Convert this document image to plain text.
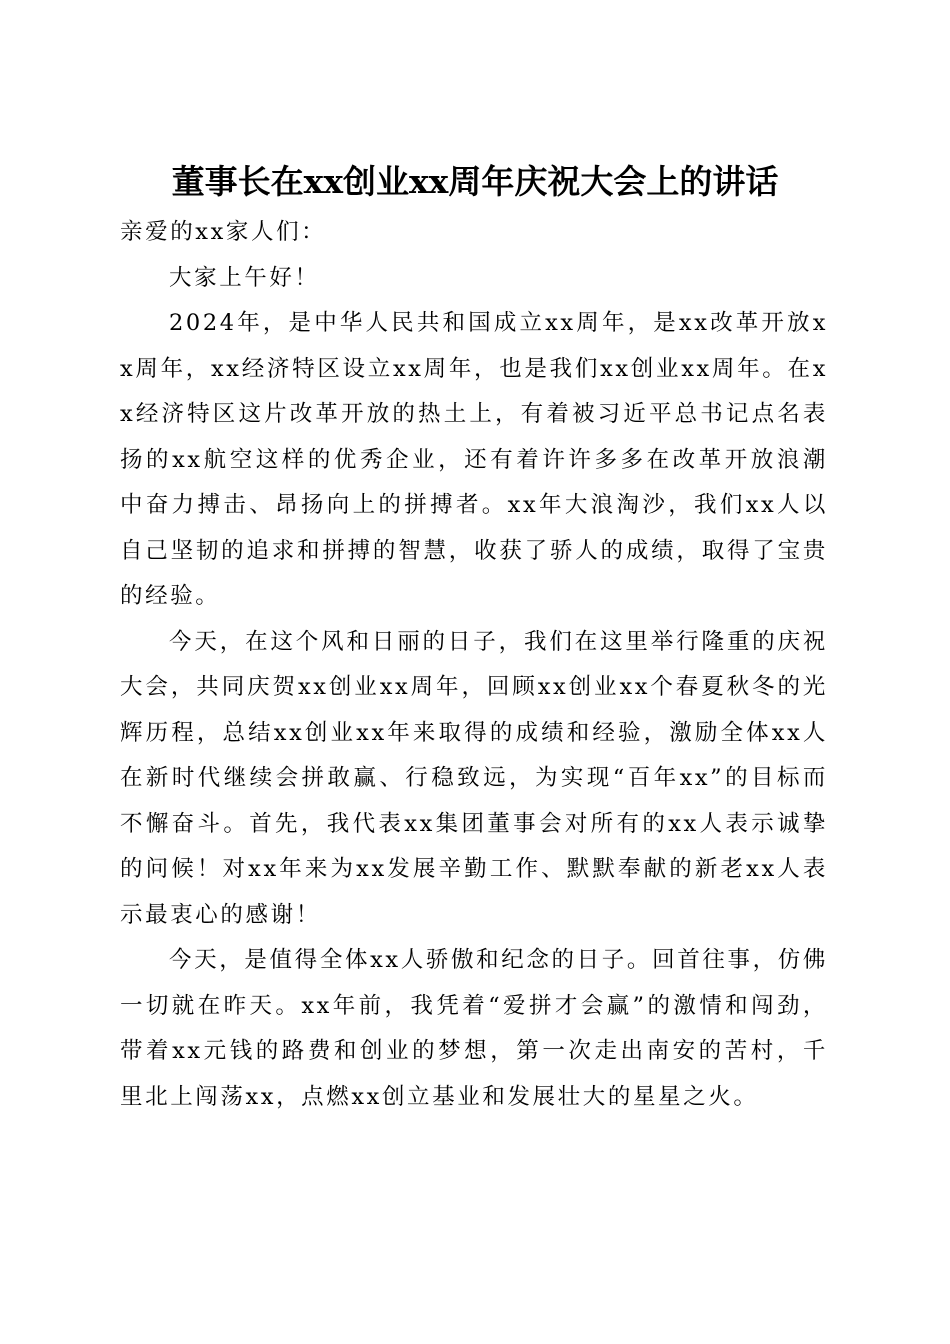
董事长在xx创业xx周年庆祝大会上的讲话

亲爱的xx家人们：

大家上午好！

2024年，是中华人民共和国成立xx周年，是xx改革开放xx周年，xx经济特区设立xx周年，也是我们xx创业xx周年。在xx经济特区这片改革开放的热土上，有着被习近平总书记点名表扬的xx航空这样的优秀企业，还有着许许多多在改革开放浪潮中奋力搏击、昂扬向上的拼搏者。xx年大浪淘沙，我们xx人以自己坚韧的追求和拼搏的智慧，收获了骄人的成绩，取得了宝贵的经验。

今天，在这个风和日丽的日子，我们在这里举行隆重的庆祝大会，共同庆贺xx创业xx周年，回顾xx创业xx个春夏秋冬的光辉历程，总结xx创业xx年来取得的成绩和经验，激励全体xx人在新时代继续会拼敢赢、行稳致远，为实现“百年xx”的目标而不懈奋斗。首先，我代表xx集团董事会对所有的xx人表示诚挚的问候！对xx年来为xx发展辛勤工作、默默奉献的新老xx人表示最衷心的感谢！

今天，是值得全体xx人骄傲和纪念的日子。回首往事，仿佛一切就在昨天。xx年前，我凭着“爱拼才会赢”的激情和闯劲，带着xx元钱的路费和创业的梦想，第一次走出南安的苦村，千里北上闯荡xx，点燃xx创立基业和发展壮大的星星之火。
